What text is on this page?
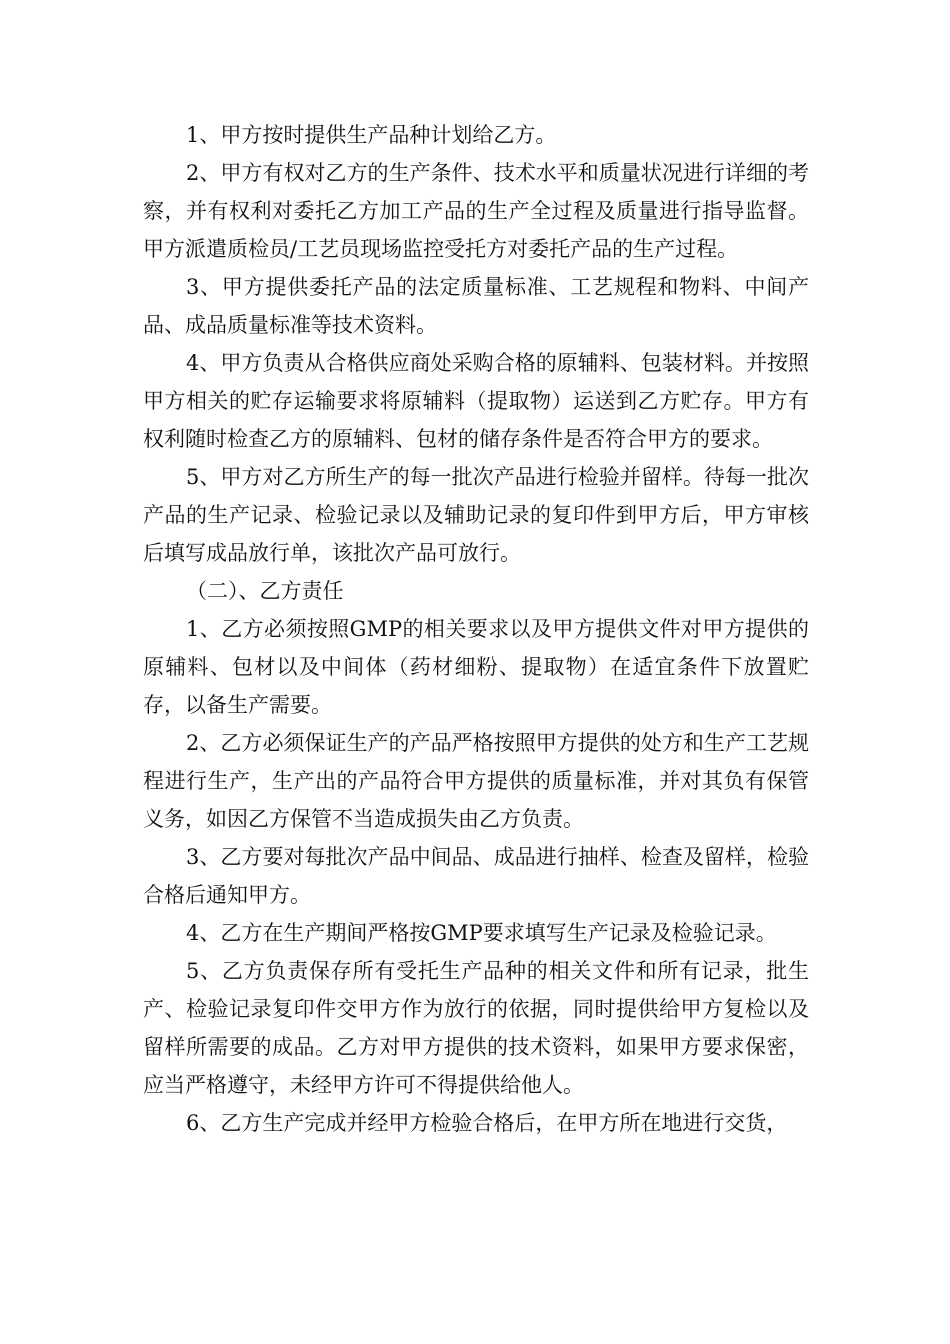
1、甲方按时提供生产品种计划给乙方。

2、甲方有权对乙方的生产条件、技术水平和质量状况进行详细的考察，并有权利对委托乙方加工产品的生产全过程及质量进行指导监督。甲方派遣质检员/工艺员现场监控受托方对委托产品的生产过程。

3、甲方提供委托产品的法定质量标准、工艺规程和物料、中间产品、成品质量标准等技术资料。

4、甲方负责从合格供应商处采购合格的原辅料、包装材料。并按照甲方相关的贮存运输要求将原辅料（提取物）运送到乙方贮存。甲方有权利随时检查乙方的原辅料、包材的储存条件是否符合甲方的要求。

5、甲方对乙方所生产的每一批次产品进行检验并留样。待每一批次产品的生产记录、检验记录以及辅助记录的复印件到甲方后，甲方审核后填写成品放行单，该批次产品可放行。

（二）、乙方责任

1、乙方必须按照GMP的相关要求以及甲方提供文件对甲方提供的原辅料、包材以及中间体（药材细粉、提取物）在适宜条件下放置贮存，以备生产需要。

2、乙方必须保证生产的产品严格按照甲方提供的处方和生产工艺规程进行生产，生产出的产品符合甲方提供的质量标准，并对其负有保管义务，如因乙方保管不当造成损失由乙方负责。

3、乙方要对每批次产品中间品、成品进行抽样、检查及留样，检验合格后通知甲方。

4、乙方在生产期间严格按GMP要求填写生产记录及检验记录。

5、乙方负责保存所有受托生产品种的相关文件和所有记录，批生产、检验记录复印件交甲方作为放行的依据，同时提供给甲方复检以及留样所需要的成品。乙方对甲方提供的技术资料，如果甲方要求保密，应当严格遵守，未经甲方许可不得提供给他人。

6、乙方生产完成并经甲方检验合格后，在甲方所在地进行交货，
